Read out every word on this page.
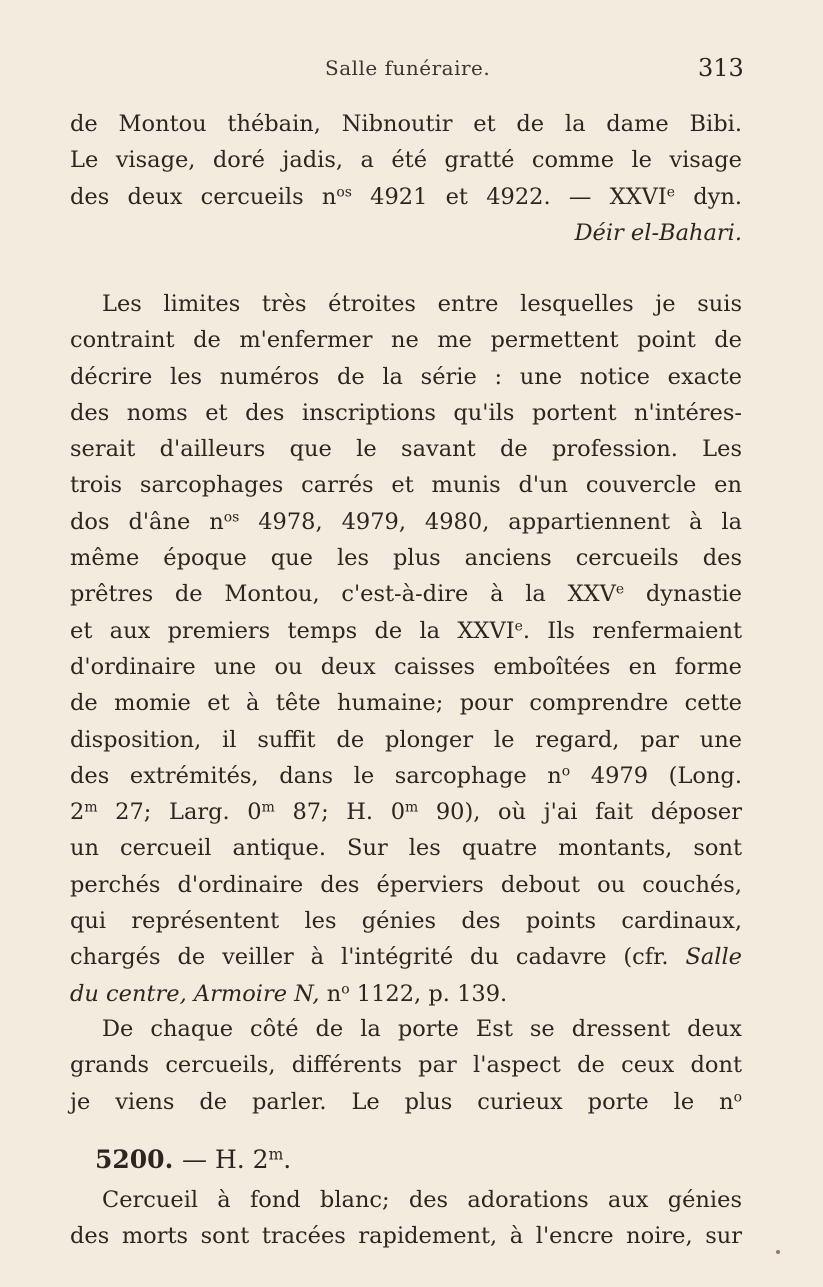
Salle funéraire.	313
de Montou thébain, Nibnoutir et de la dame Bibi.
Le visage, doré jadis, a été gratté comme le visage
des deux cercueils $n^{os}$ 4921 et 4922. — XXVIe dyn.
Déir el-Bahari.
Les limites très étroites entre lesquelles je suis
contraint de m'enfermer ne me permettent point de
décrire les numéros de la série : une notice exacte
des noms et des inscriptions qu'ils portent n'intéres-
serait d'ailleurs que le savant de profession. Les
trois sarcophages carrés et munis d'un couvercle en
dos d'âne $n^{os}$ 4978, 4979, 4980, appartiennent à la
même époque que les plus anciens cercueils des
prêtres de Montou, c'est-à-dire à la XXVe dynastie
et aux premiers temps de la XXVIe. Ils renfermaient
d'ordinaire une ou deux caisses emboîtées en forme
de momie et à tête humaine; pour comprendre cette
disposition, il suffit de plonger le regard, par une
des extrémités, dans le sarcophage $n^o$ 4979 (Long.
2$^m$ 27; Larg. 0$^m$ 87; H. 0$^m$ 90), où j'ai fait déposer
un cercueil antique. Sur les quatre montants, sont
perchés d'ordinaire des éperviers debout ou couchés,
qui représentent les génies des points cardinaux,
chargés de veiller à l'intégrité du cadavre (cfr. Salle
du centre, Armoire N, $n^o$ 1122, p. 139.
De chaque côté de la porte Est se dressent deux
grands cercueils, différents par l'aspect de ceux dont
je viens de parler. Le plus curieux porte le $n^o$
5200. — H. 2$^m$.
Cercueil à fond blanc; des adorations aux génies
des morts sont tracées rapidement, à l'encre noire, sur
